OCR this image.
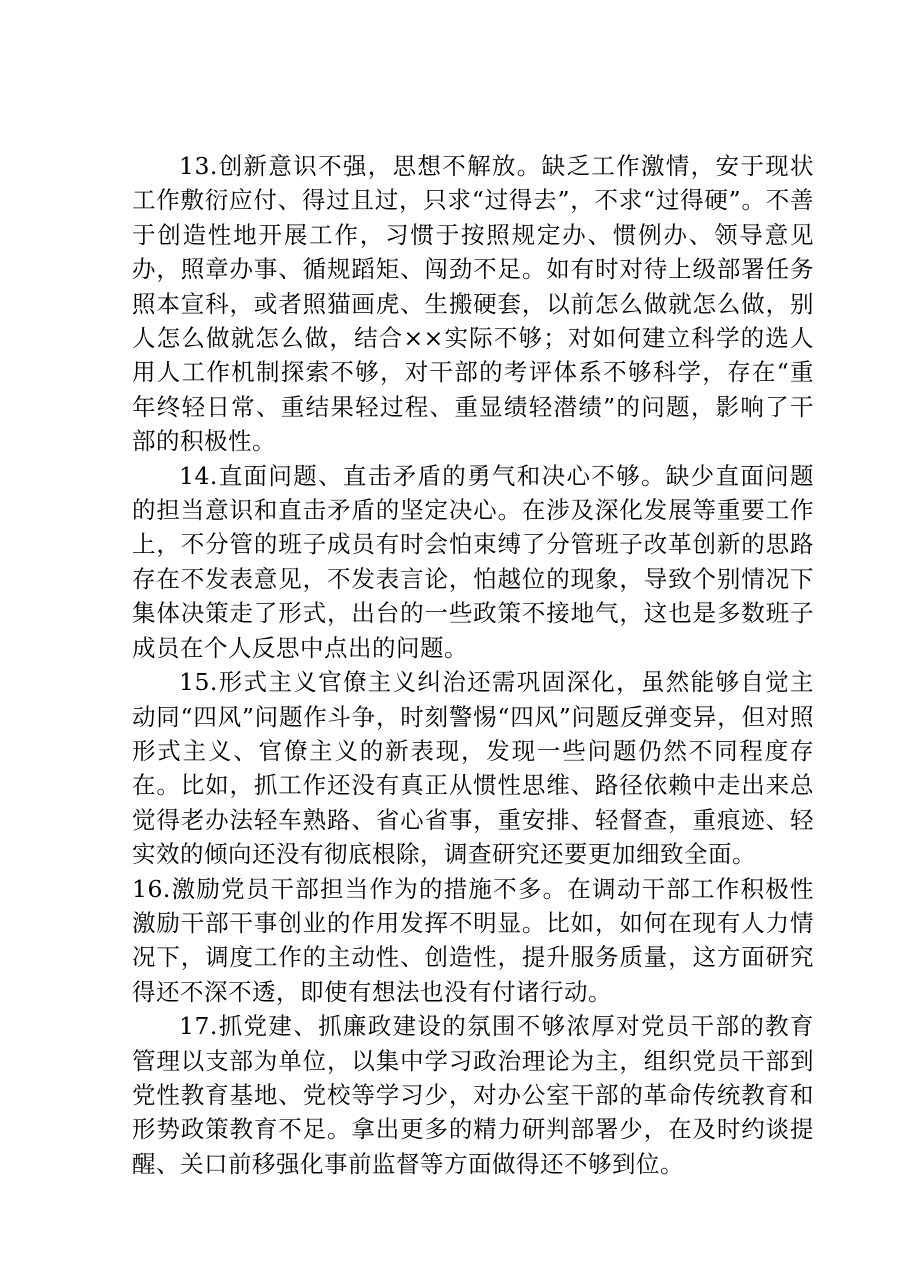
13.创新意识不强，思想不解放。缺乏工作激情，安于现状工作敷衍应付、得过且过，只求“过得去”，不求“过得硬”。不善于创造性地开展工作，习惯于按照规定办、惯例办、领导意见办，照章办事、循规蹈矩、闯劲不足。如有时对待上级部署任务照本宣科，或者照猫画虎、生搬硬套，以前怎么做就怎么做，别人怎么做就怎么做，结合××实际不够；对如何建立科学的选人用人工作机制探索不够，对干部的考评体系不够科学，存在“重年终轻日常、重结果轻过程、重显绩轻潜绩”的问题，影响了干部的积极性。

14.直面问题、直击矛盾的勇气和决心不够。缺少直面问题的担当意识和直击矛盾的坚定决心。在涉及深化发展等重要工作上，不分管的班子成员有时会怕束缚了分管班子改革创新的思路存在不发表意见，不发表言论，怕越位的现象，导致个别情况下集体决策走了形式，出台的一些政策不接地气，这也是多数班子成员在个人反思中点出的问题。

15.形式主义官僚主义纠治还需巩固深化，虽然能够自觉主动同“四风”问题作斗争，时刻警惕“四风”问题反弹变异，但对照形式主义、官僚主义的新表现，发现一些问题仍然不同程度存在。比如，抓工作还没有真正从惯性思维、路径依赖中走出来总觉得老办法轻车熟路、省心省事，重安排、轻督查，重痕迹、轻实效的倾向还没有彻底根除，调查研究还要更加细致全面。

16.激励党员干部担当作为的措施不多。在调动干部工作积极性激励干部干事创业的作用发挥不明显。比如，如何在现有人力情况下，调度工作的主动性、创造性，提升服务质量，这方面研究得还不深不透，即使有想法也没有付诸行动。

17.抓党建、抓廉政建设的氛围不够浓厚对党员干部的教育管理以支部为单位，以集中学习政治理论为主，组织党员干部到党性教育基地、党校等学习少，对办公室干部的革命传统教育和形势政策教育不足。拿出更多的精力研判部署少，在及时约谈提醒、关口前移强化事前监督等方面做得还不够到位。
